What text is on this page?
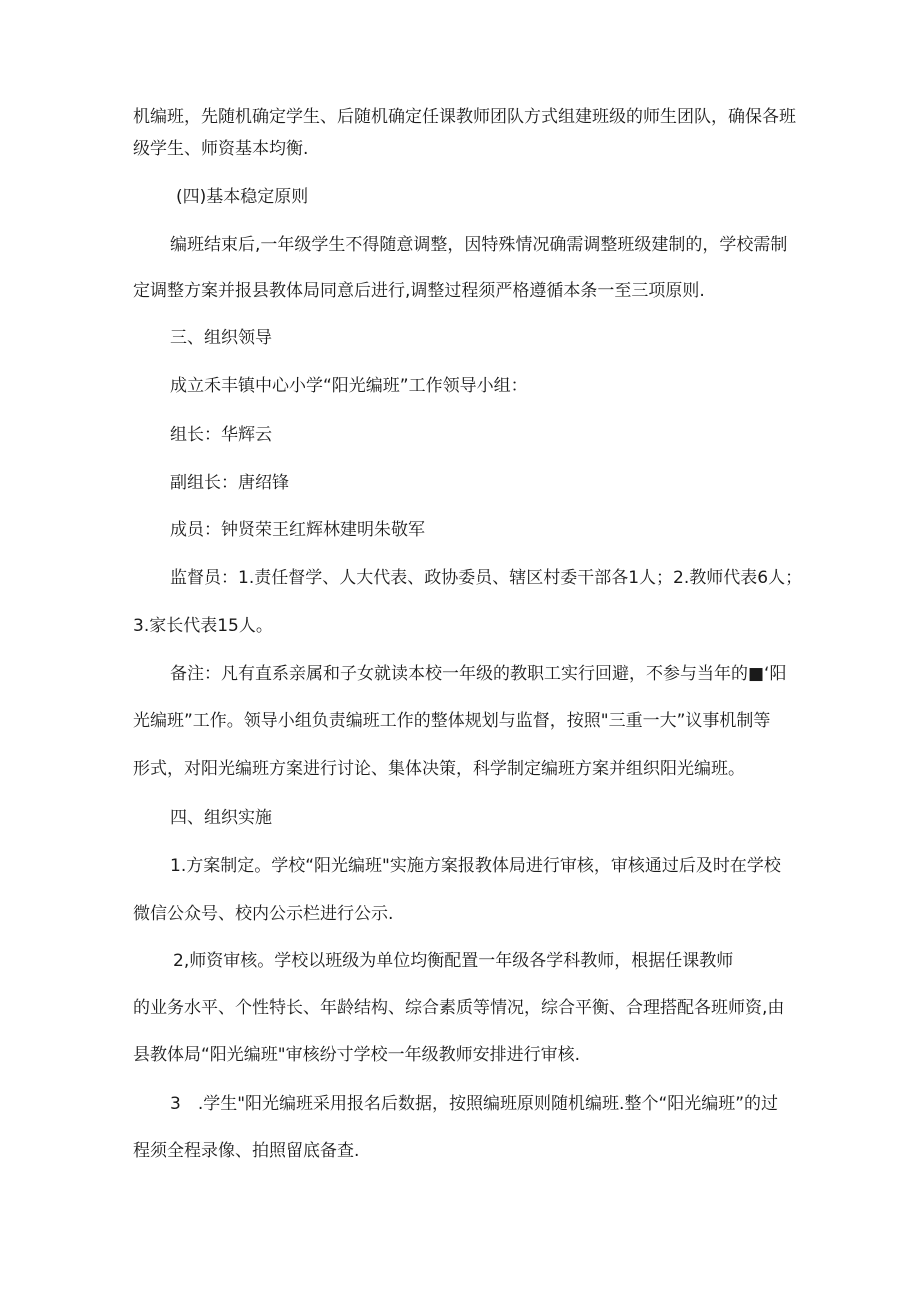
机编班，先随机确定学生、后随机确定任课教师团队方式组建班级的师生团队，确保各班
级学生、师资基本均衡.
(四)基本稳定原则
编班结束后,一年级学生不得随意调整，因特殊情况确需调整班级建制的，学校需制
定调整方案并报县教体局同意后进行,调整过程须严格遵循本条一至三项原则.
三、组织领导
成立禾丰镇中心小学“阳光编班”工作领导小组：
组长：华辉云
副组长：唐绍锋
成员：钟贤荣王红辉林建明朱敬军
监督员：1.责任督学、人大代表、政协委员、辖区村委干部各1人；2.教师代表6人；
3.家长代表15人。
备注：凡有直系亲属和子女就读本校一年级的教职工实行回避，不参与当年的■‘阳
光编班”工作。领导小组负责编班工作的整体规划与监督，按照"三重一大”议事机制等
形式，对阳光编班方案进行讨论、集体决策，科学制定编班方案并组织阳光编班。
四、组织实施
1.方案制定。学校“阳光编班"实施方案报教体局进行审核，审核通过后及时在学校
微信公众号、校内公示栏进行公示.
2,师资审核。学校以班级为单位均衡配置一年级各学科教师，根据任课教师
的业务水平、个性特长、年龄结构、综合素质等情况，综合平衡、合理搭配各班师资,由
县教体局“阳光编班"审核纷寸学校一年级教师安排进行审核.
3　.学生"阳光编班采用报名后数据，按照编班原则随机编班.整个“阳光编班”的过
程须全程录像、拍照留底备查.
